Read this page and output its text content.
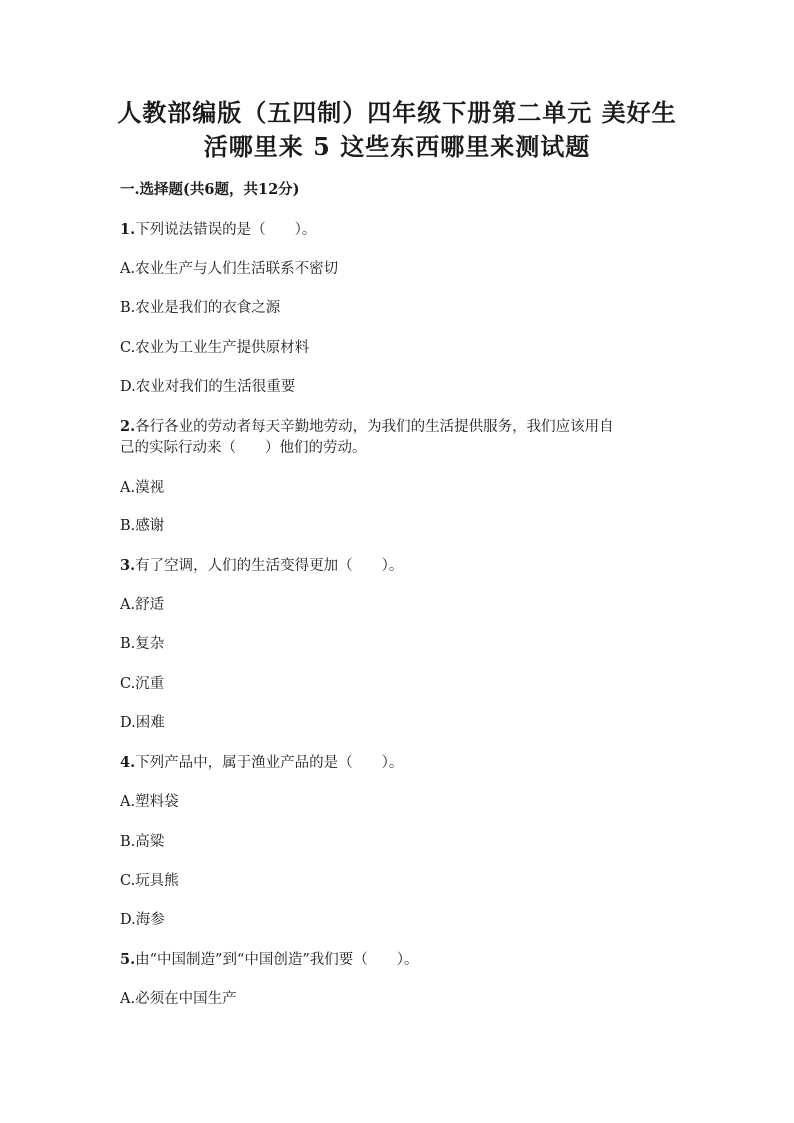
人教部编版（五四制）四年级下册第二单元 美好生
活哪里来 5 这些东西哪里来测试题
一.选择题(共6题，共12分)
1.下列说法错误的是（　　）。
A.农业生产与人们生活联系不密切
B.农业是我们的衣食之源
C.农业为工业生产提供原材料
D.农业对我们的生活很重要
2.各行各业的劳动者每天辛勤地劳动，为我们的生活提供服务，我们应该用自
己的实际行动来（　　）他们的劳动。
A.漠视
B.感谢
3.有了空调，人们的生活变得更加（　　）。
A.舒适
B.复杂
C.沉重
D.困难
4.下列产品中，属于渔业产品的是（　　）。
A.塑料袋
B.高粱
C.玩具熊
D.海参
5.由“中国制造”到“中国创造”我们要（　　）。
A.必须在中国生产
